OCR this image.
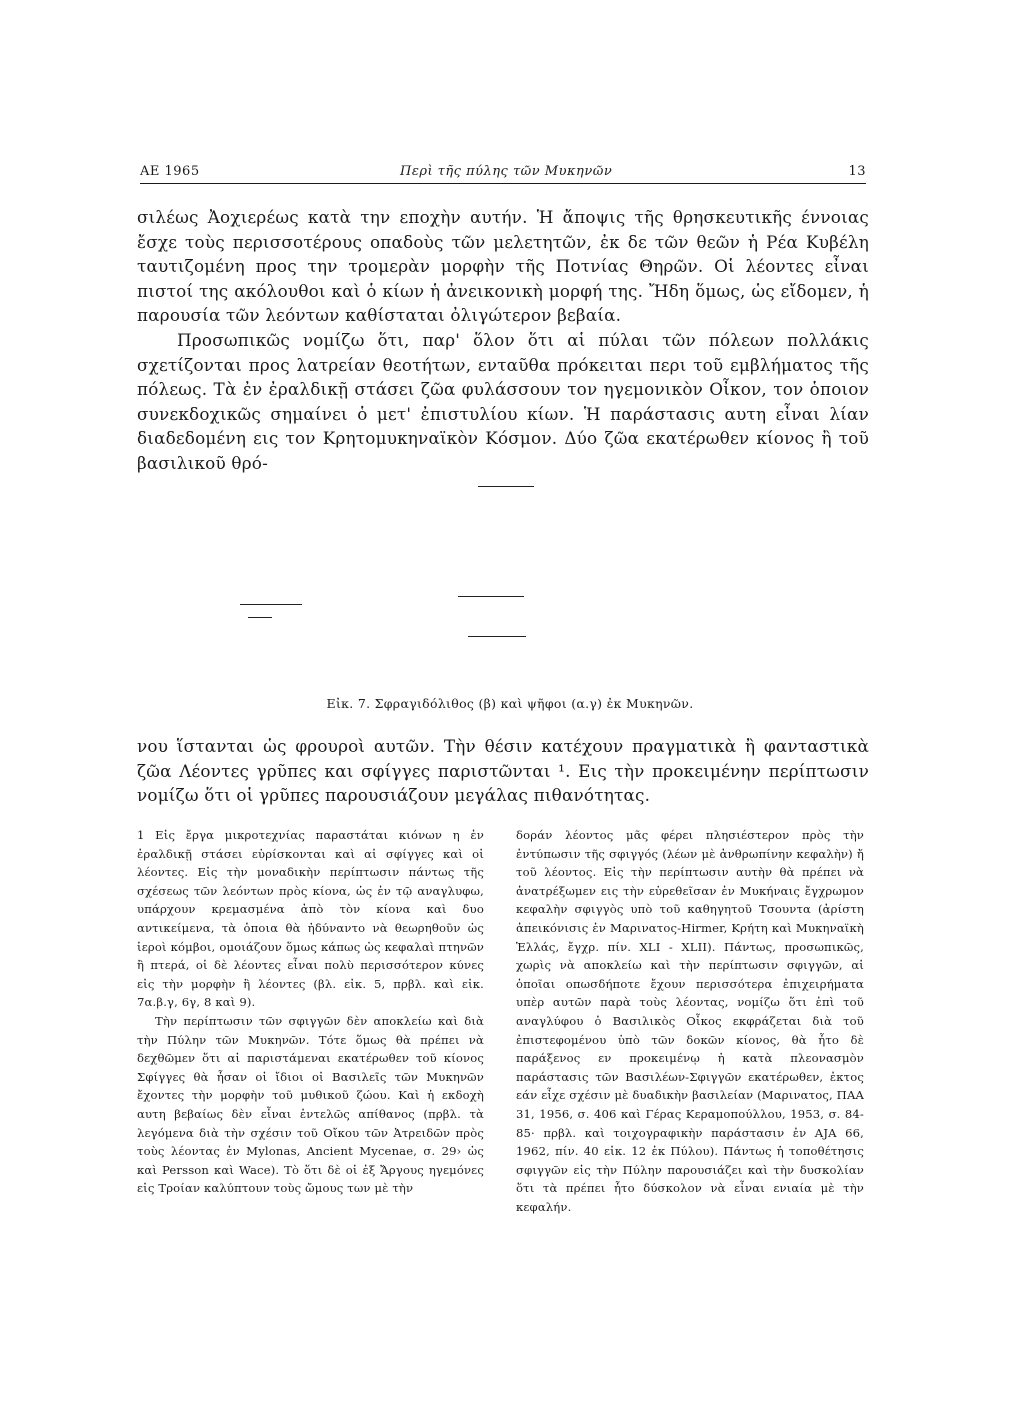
ΑΕ 1965	Περὶ τῆς πύλης τῶν Μυκηνῶν	13

σιλέως Ἀοχιερέως κατὰ την εποχὴν αυτήν. Ἡ ἄποψις τῆς θρησκευτικῆς έννοιας ἔσχε τοὺς περισσοτέρους οπαδοὺς τῶν μελετητῶν, ἐκ δε τῶν θεῶν ἡ Ρέα Κυβέλη ταυτιζομένη προς την τρομερὰν μορφὴν τῆς Ποτνίας Θηρῶν. Οἱ λέοντες εἶναι πιστοί της ακόλουθοι καὶ ὁ κίων ἡ ἀνεικονικὴ μορφή της. Ἤδη ὅμως, ὡς εἴδομεν, ἡ παρουσία τῶν λεόντων καθίσταται ὀλιγώτερον βεβαία.

Προσωπικῶς νομίζω ὅτι, παρ' ὅλον ὅτι αἱ πύλαι τῶν πόλεων πολλάκις σχετίζονται προς λατρείαν θεοτήτων, ενταῦθα πρόκειται περι τοῦ εμβλήματος τῆς πόλεως. Τὰ ἐν ἐραλδικῇ στάσει ζῶα φυλάσσουν τον ηγεμονικὸν Οἶκον, τον ὁποιον συνεκδοχικῶς σημαίνει ὁ μετ' ἐπιστυλίου κίων. Ἡ παράστασις αυτη εἶναι λίαν διαδεδομένη εις τον Κρητομυκηναϊκὸν Κόσμον. Δύο ζῶα εκατέρωθεν κίονος ἢ τοῦ βασιλικοῦ θρό-

Εἰκ. 7. Σφραγιδόλιθος (β) καὶ ψῆφοι (α.γ) ἐκ Μυκηνῶν.

νου ἵστανται ὡς φρουροὶ αυτῶν. Τὴν θέσιν κατέχουν πραγματικὰ ἢ φανταστικὰ ζῶα Λέοντες γρῦπες και σφίγγες παριστῶνται ¹. Εις τὴν προκειμένην περίπτωσιν νομίζω ὅτι οἱ γρῦπες παρουσιάζουν μεγάλας πιθανότητας.

1 Εἰς ἔργα μικροτεχνίας παραστάται κιόνων η ἐν ἐραλδικῇ στάσει εὑρίσκονται καὶ αἱ σφίγγες καὶ οἱ λέοντες. Εἰς τὴν μοναδικὴν περίπτωσιν πάντως τῆς σχέσεως τῶν λεόντων πρὸς κίονα, ὡς ἐν τῷ αναγλυφω, υπάρχουν κρεμασμένα ἀπὸ τὸν κίονα καὶ δυο αντικείμενα, τὰ ὁποια θὰ ἠδύναντο νὰ θεωρηθοῦν ὡς ἱεροὶ κόμβοι, ομοιάζουν ὅμως κάπως ὡς κεφαλαὶ πτηνῶν ἢ πτερά, οἱ δὲ λέοντες εἶναι πολὺ περισσότερον κύνες εἰς τὴν μορφὴν ἢ λέοντες (βλ. εἰκ. 5, πρβλ. καὶ εἰκ. 7α.β.γ, 6γ, 8 καὶ 9).

Τὴν περίπτωσιν τῶν σφιγγῶν δὲν αποκλείω καὶ διὰ τὴν Πύλην τῶν Μυκηνῶν. Τότε ὅμως θὰ πρέπει νὰ δεχθῶμεν ὅτι αἱ παριστάμεναι εκατέρωθεν τοῦ κίονος Σφίγγες θὰ ἦσαν οἱ ἴδιοι οἱ Βασιλεῖς τῶν Μυκηνῶν ἔχοντες τὴν μορφὴν τοῦ μυθικοῦ ζώου. Καὶ ἡ εκδοχὴ αυτη βεβαίως δὲν εἶναι ἐντελῶς απίθανος (πρβλ. τὰ λεγόμενα διὰ τὴν σχέσιν τοῦ Οἴκου τῶν Ἀτρειδῶν πρὸς τοὺς λέοντας ἐν Mylonas, Ancient Mycenae, σ. 29› ὡς καὶ Persson καὶ Wace). Τὸ ὅτι δὲ οἱ ἐξ Ἄργους ηγεμόνες εἰς Τροίαν καλύπτουν τοὺς ὤμους των μὲ τὴν

δοράν λέοντος μᾶς φέρει πλησιέστερον πρὸς τὴν ἐντύπωσιν τῆς σφιγγός (λέων μὲ ἀνθρωπίνην κεφαλὴν) ἤ τοῦ λέοντος. Εἰς τὴν περίπτωσιν αυτὴν θὰ πρέπει νὰ ἀνατρέξωμεν εις τὴν εὑρεθεῖσαν ἐν Μυκήναις ἔγχρωμον κεφαλὴν σφιγγὸς υπὸ τοῦ καθηγητοῦ Τσουντα (ἀρίστη ἀπεικόνισις ἐν Μαρινατος-Hirmer, Κρήτη καὶ Μυκηναϊκὴ Ἑλλάς, ἔγχρ. πίν. XLI - XLII). Πάντως, προσωπικῶς, χωρὶς νὰ αποκλείω καὶ τὴν περίπτωσιν σφιγγῶν, αἱ ὁποῖαι οπωσδήποτε ἔχουν περισσότερα ἐπιχειρήματα υπὲρ αυτῶν παρὰ τοὺς λέοντας, νομίζω ὅτι ἐπὶ τοῦ αναγλύφου ὁ Βασιλικὸς Οἶκος εκφράζεται διὰ τοῦ ἐπιστεφομένου ὑπὸ τῶν δοκῶν κίονος, θὰ ἦτο δὲ παράξενος εν προκειμένῳ ἡ κατὰ πλεονασμὸν παράστασις τῶν Βασιλέων-Σφιγγῶν εκατέρωθεν, ἐκτος εάν εἶχε σχέσιν μὲ δυαδικὴν βασιλείαν (Μαρινατος, ΠΑΑ 31, 1956, σ. 406 καὶ Γέρας Κεραμοπούλλου, 1953, σ. 84-85· πρβλ. καὶ τοιχογραφικὴν παράστασιν ἐν AJA 66, 1962, πίν. 40 εἰκ. 12 ἐκ Πύλου). Πάντως ἡ τοποθέτησις σφιγγῶν εἰς τὴν Πύλην παρουσιάζει καὶ τὴν δυσκολίαν ὅτι τὰ πρέπει ἦτο δύσκολον νὰ εἶναι ενιαία μὲ τὴν κεφαλήν.
